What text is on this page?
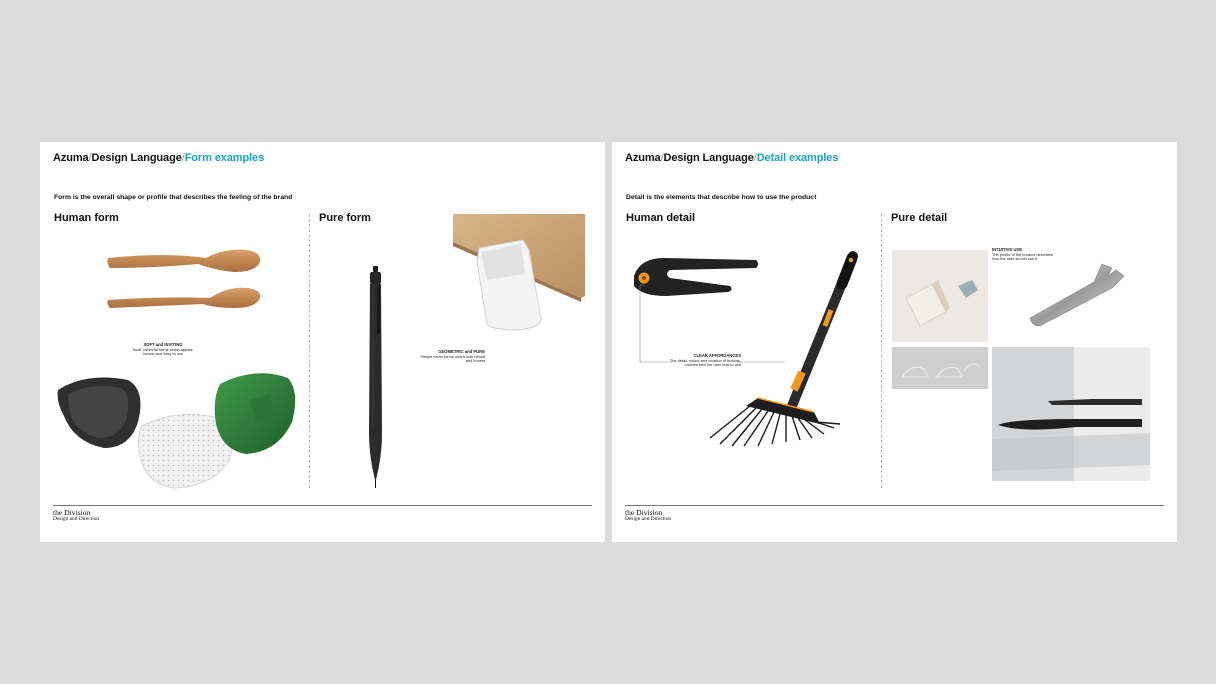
Azuma/Design Language/Form examples
Form is the overall shape or profile that describes the feeling of the brand
Human form	Pure form
SOFT and INVITING
Bold, colourful forms which appear
honest and easy to use	GEOMETRIC and PURE
Simple mono forms which look robust
and honest
the Division
Design and Direction
Azuma/Design Language/Detail examples
Detail is the elements that describe how to use the product
Human detail	Pure detail
CLEAR AFFORDANCES
The detail, colour and location of buttons,
catches tells the user how to use
INTUITIVE USE
The profile of the product describes
how the user should use it
the Division
Design and Direction
